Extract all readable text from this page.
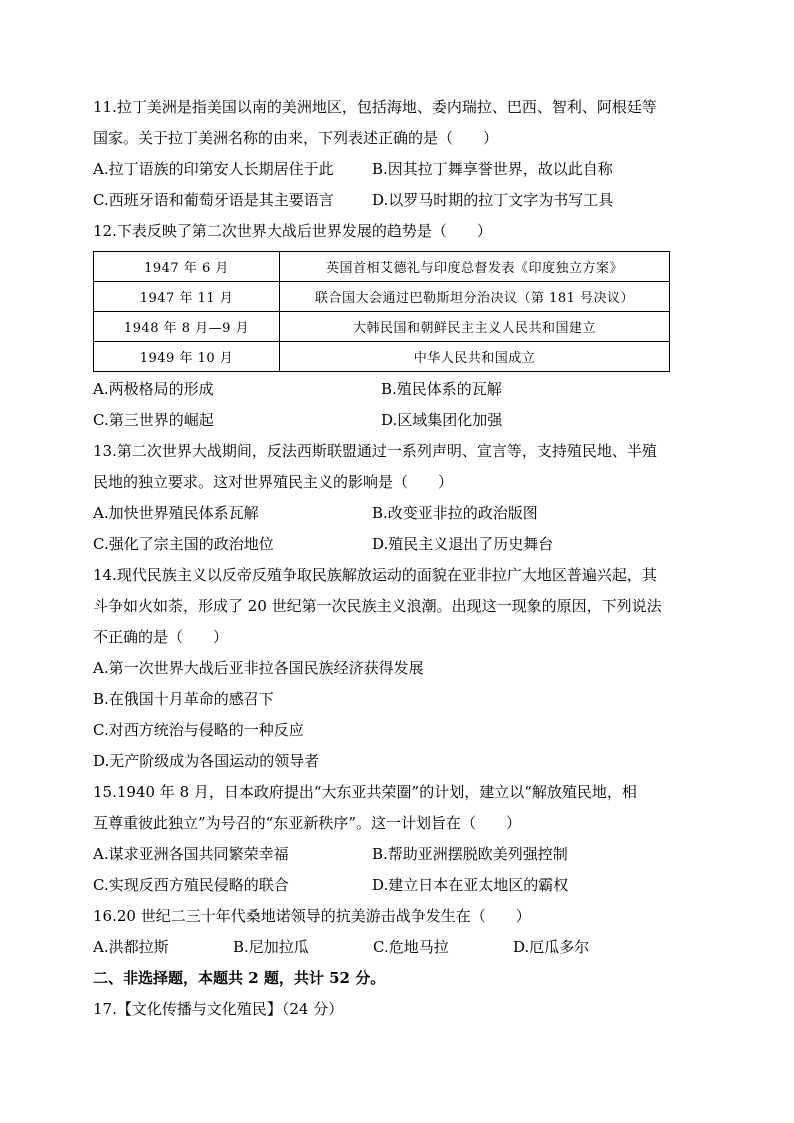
11.拉丁美洲是指美国以南的美洲地区，包括海地、委内瑞拉、巴西、智利、阿根廷等
国家。关于拉丁美洲名称的由来，下列表述正确的是（　　）
A.拉丁语族的印第安人长期居住于此	B.因其拉丁舞享誉世界，故以此自称
C.西班牙语和葡萄牙语是其主要语言	D.以罗马时期的拉丁文字为书写工具
12.下表反映了第二次世界大战后世界发展的趋势是（　　）
1947 年 6 月	英国首相艾德礼与印度总督发表《印度独立方案》
1947 年 11 月	联合国大会通过巴勒斯坦分治决议（第 181 号决议）
1948 年 8 月—9 月	大韩民国和朝鲜民主主义人民共和国建立
1949 年 10 月	中华人民共和国成立
A.两极格局的形成	B.殖民体系的瓦解
C.第三世界的崛起	D.区域集团化加强
13.第二次世界大战期间，反法西斯联盟通过一系列声明、宣言等，支持殖民地、半殖
民地的独立要求。这对世界殖民主义的影响是（　　）
A.加快世界殖民体系瓦解	B.改变亚非拉的政治版图
C.强化了宗主国的政治地位	D.殖民主义退出了历史舞台
14.现代民族主义以反帝反殖争取民族解放运动的面貌在亚非拉广大地区普遍兴起，其
斗争如火如荼，形成了 20 世纪第一次民族主义浪潮。出现这一现象的原因，下列说法
不正确的是（　　）
A.第一次世界大战后亚非拉各国民族经济获得发展
B.在俄国十月革命的感召下
C.对西方统治与侵略的一种反应
D.无产阶级成为各国运动的领导者
15.1940 年 8 月，日本政府提出“大东亚共荣圈”的计划，建立以“解放殖民地，相
互尊重彼此独立”为号召的“东亚新秩序”。这一计划旨在（　　）
A.谋求亚洲各国共同繁荣幸福	B.帮助亚洲摆脱欧美列强控制
C.实现反西方殖民侵略的联合	D.建立日本在亚太地区的霸权
16.20 世纪二三十年代桑地诺领导的抗美游击战争发生在（　　）
A.洪都拉斯	B.尼加拉瓜	C.危地马拉	D.厄瓜多尔
二、非选择题，本题共 2 题，共计 52 分。
17.【文化传播与文化殖民】（24 分）
